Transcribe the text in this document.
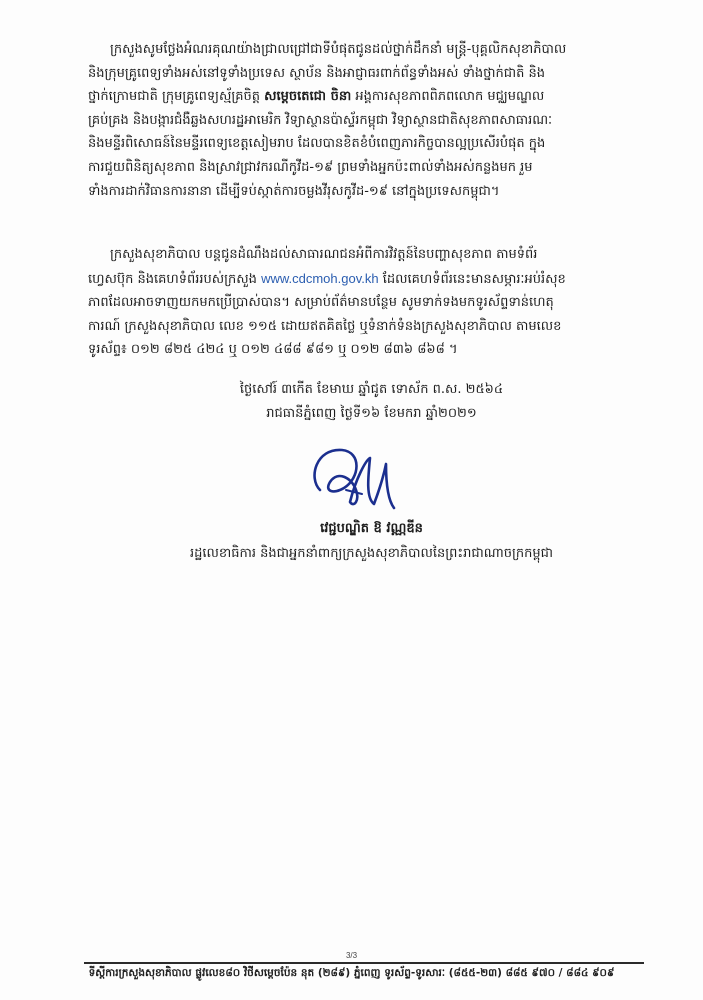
ក្រសួងសូមថ្លែងអំណរគុណយ៉ាងជ្រាលជ្រៅជាទីបំផុតជូនដល់ថ្នាក់ដឹកនាំ មន្ត្រី-បុគ្គលិកសុខាភិបាល
និងក្រុមគ្រូពេទ្យទាំងអស់នៅទូទាំងប្រទេស ស្ថាប័ន និងអាជ្ញាធរពាក់ព័ន្ធទាំងអស់ ទាំងថ្នាក់ជាតិ និង
ថ្នាក់ក្រោមជាតិ ក្រុមគ្រូពេទ្យស្ម័គ្រចិត្ត សម្តេចតេជោ ចិនា អង្គការសុខភាពពិភពលោក មជ្ឈមណ្ឌល
គ្រប់គ្រង និងបង្ការជំងឺឆ្លងសហរដ្ឋអាមេរិក វិទ្យាស្ថានប៉ាស្ទ័រកម្ពុជា វិទ្យាស្ថានជាតិសុខភាពសាធារណៈ
និងមន្ទីរពិសោធន៍នៃមន្ទីរពេទ្យខេត្តសៀមរាប ដែលបានខិតខំបំពេញភារកិច្ចបានល្អប្រសើរបំផុត ក្នុង
ការជួយពិនិត្យសុខភាព និងស្រាវជ្រាវករណីកូវីដ-១៩ ព្រមទាំងអ្នកប៉ះពាល់ទាំងអស់កន្លងមក រួម
ទាំងការដាក់វិធានការនានា ដើម្បីទប់ស្កាត់ការចម្លងវីរុសកូវីដ-១៩ នៅក្នុងប្រទេសកម្ពុជា។
ក្រសួងសុខាភិបាល បន្តជូនដំណឹងដល់សាធារណជនអំពីការវិវត្តន៍នៃបញ្ហាសុខភាព តាមទំព័រ
ហ្វេសប៊ុក និងគេហទំព័ររបស់ក្រសួង www.cdcmoh.gov.kh ដែលគេហទំព័រនេះមានសម្ភារៈអប់រំសុខ
ភាពដែលអាចទាញយកមកប្រើប្រាស់បាន។ សម្រាប់ព័ត៌មានបន្ថែម សូមទាក់ទងមកទូរស័ព្ទទាន់ហេតុ
ការណ៍ ក្រសួងសុខាភិបាល លេខ ១១៥ ដោយឥតគិតថ្លៃ ឬទំនាក់ទំនងក្រសួងសុខាភិបាល តាមលេខ
ទូរស័ព្ទ៖ ០១២ ៨២៥ ៤២៤ ឬ ០១២ ៤៨៨ ៩៨១ ឬ ០១២ ៨៣៦ ៨៦៨ ។
ថ្ងៃសៅរ៍ ៣កើត ខែមាឃ ឆ្នាំជូត ទោស័ក ព.ស. ២៥៦៤
រាជធានីភ្នំពេញ ថ្ងៃទី១៦ ខែមករា ឆ្នាំ២០២១
វេជ្ជបណ្ឌិត ឱ វណ្ណឌីន
រដ្ឋលេខាធិការ និងជាអ្នកនាំពាក្យក្រសួងសុខាភិបាលនៃព្រះរាជាណាចក្រកម្ពុជា
3/3
ទីស្តីការក្រសួងសុខាភិបាល ផ្លូវលេខ៨០ វិថីសម្តេចប៉ែន នុត (២៨៩) ភ្នំពេញ ទូរស័ព្ទ-ទូរសារៈ (៨៥៥-២៣) ៨៨៥ ៩៧០ / ៨៨៤ ៩០៩
